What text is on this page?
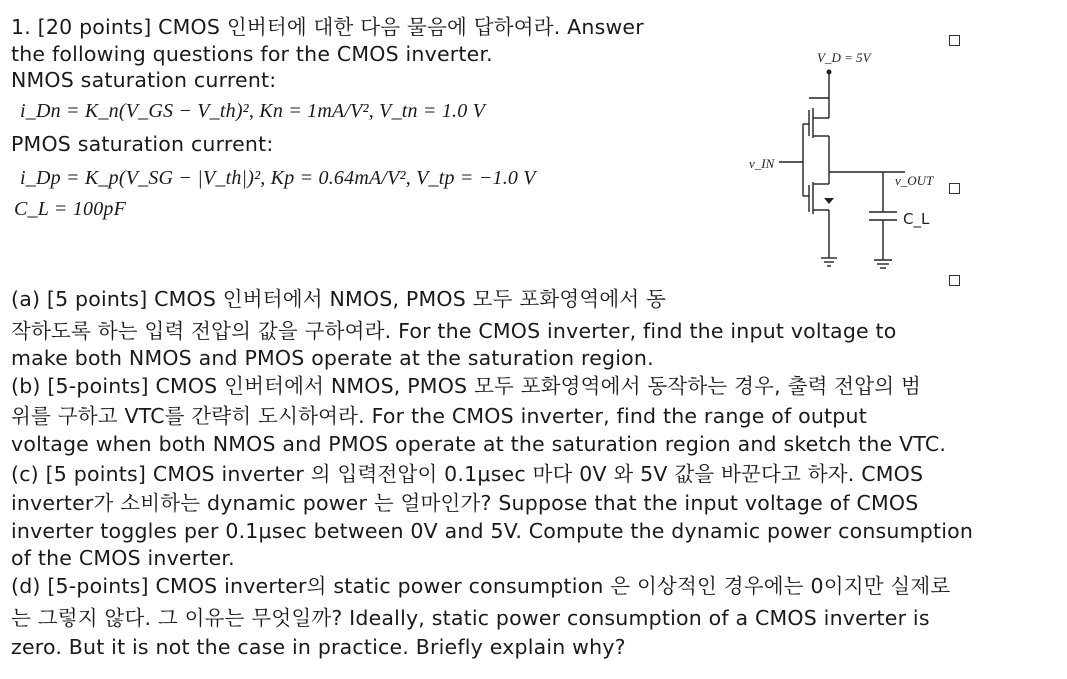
1. [20 points] CMOS 인버터에 대한 다음 물음에 답하여라. Answer
the following questions for the CMOS inverter.
NMOS saturation current:
i_Dn = K_n(V_GS − V_th)², Kn = 1mA/V², V_tn = 1.0 V
PMOS saturation current:
i_Dp = K_p(V_SG − |V_th|)², Kp = 0.64mA/V², V_tp = −1.0 V
C_L = 100pF
V_D = 5V
v_IN
v_OUT
C_L
(a) [5 points] CMOS 인버터에서 NMOS, PMOS 모두 포화영역에서 동
작하도록 하는 입력 전압의 값을 구하여라. For the CMOS inverter, find the input voltage to
make both NMOS and PMOS operate at the saturation region.
(b) [5-points] CMOS 인버터에서 NMOS, PMOS 모두 포화영역에서 동작하는 경우, 출력 전압의 범
위를 구하고 VTC를 간략히 도시하여라. For the CMOS inverter, find the range of output
voltage when both NMOS and PMOS operate at the saturation region and sketch the VTC.
(c) [5 points] CMOS inverter 의 입력전압이 0.1μsec 마다 0V 와 5V 값을 바꾼다고 하자. CMOS
inverter가 소비하는 dynamic power 는 얼마인가? Suppose that the input voltage of CMOS
inverter toggles per 0.1μsec between 0V and 5V. Compute the dynamic power consumption
of the CMOS inverter.
(d) [5-points] CMOS inverter의 static power consumption 은 이상적인 경우에는 0이지만 실제로
는 그렇지 않다. 그 이유는 무엇일까? Ideally, static power consumption of a CMOS inverter is
zero. But it is not the case in practice. Briefly explain why?
